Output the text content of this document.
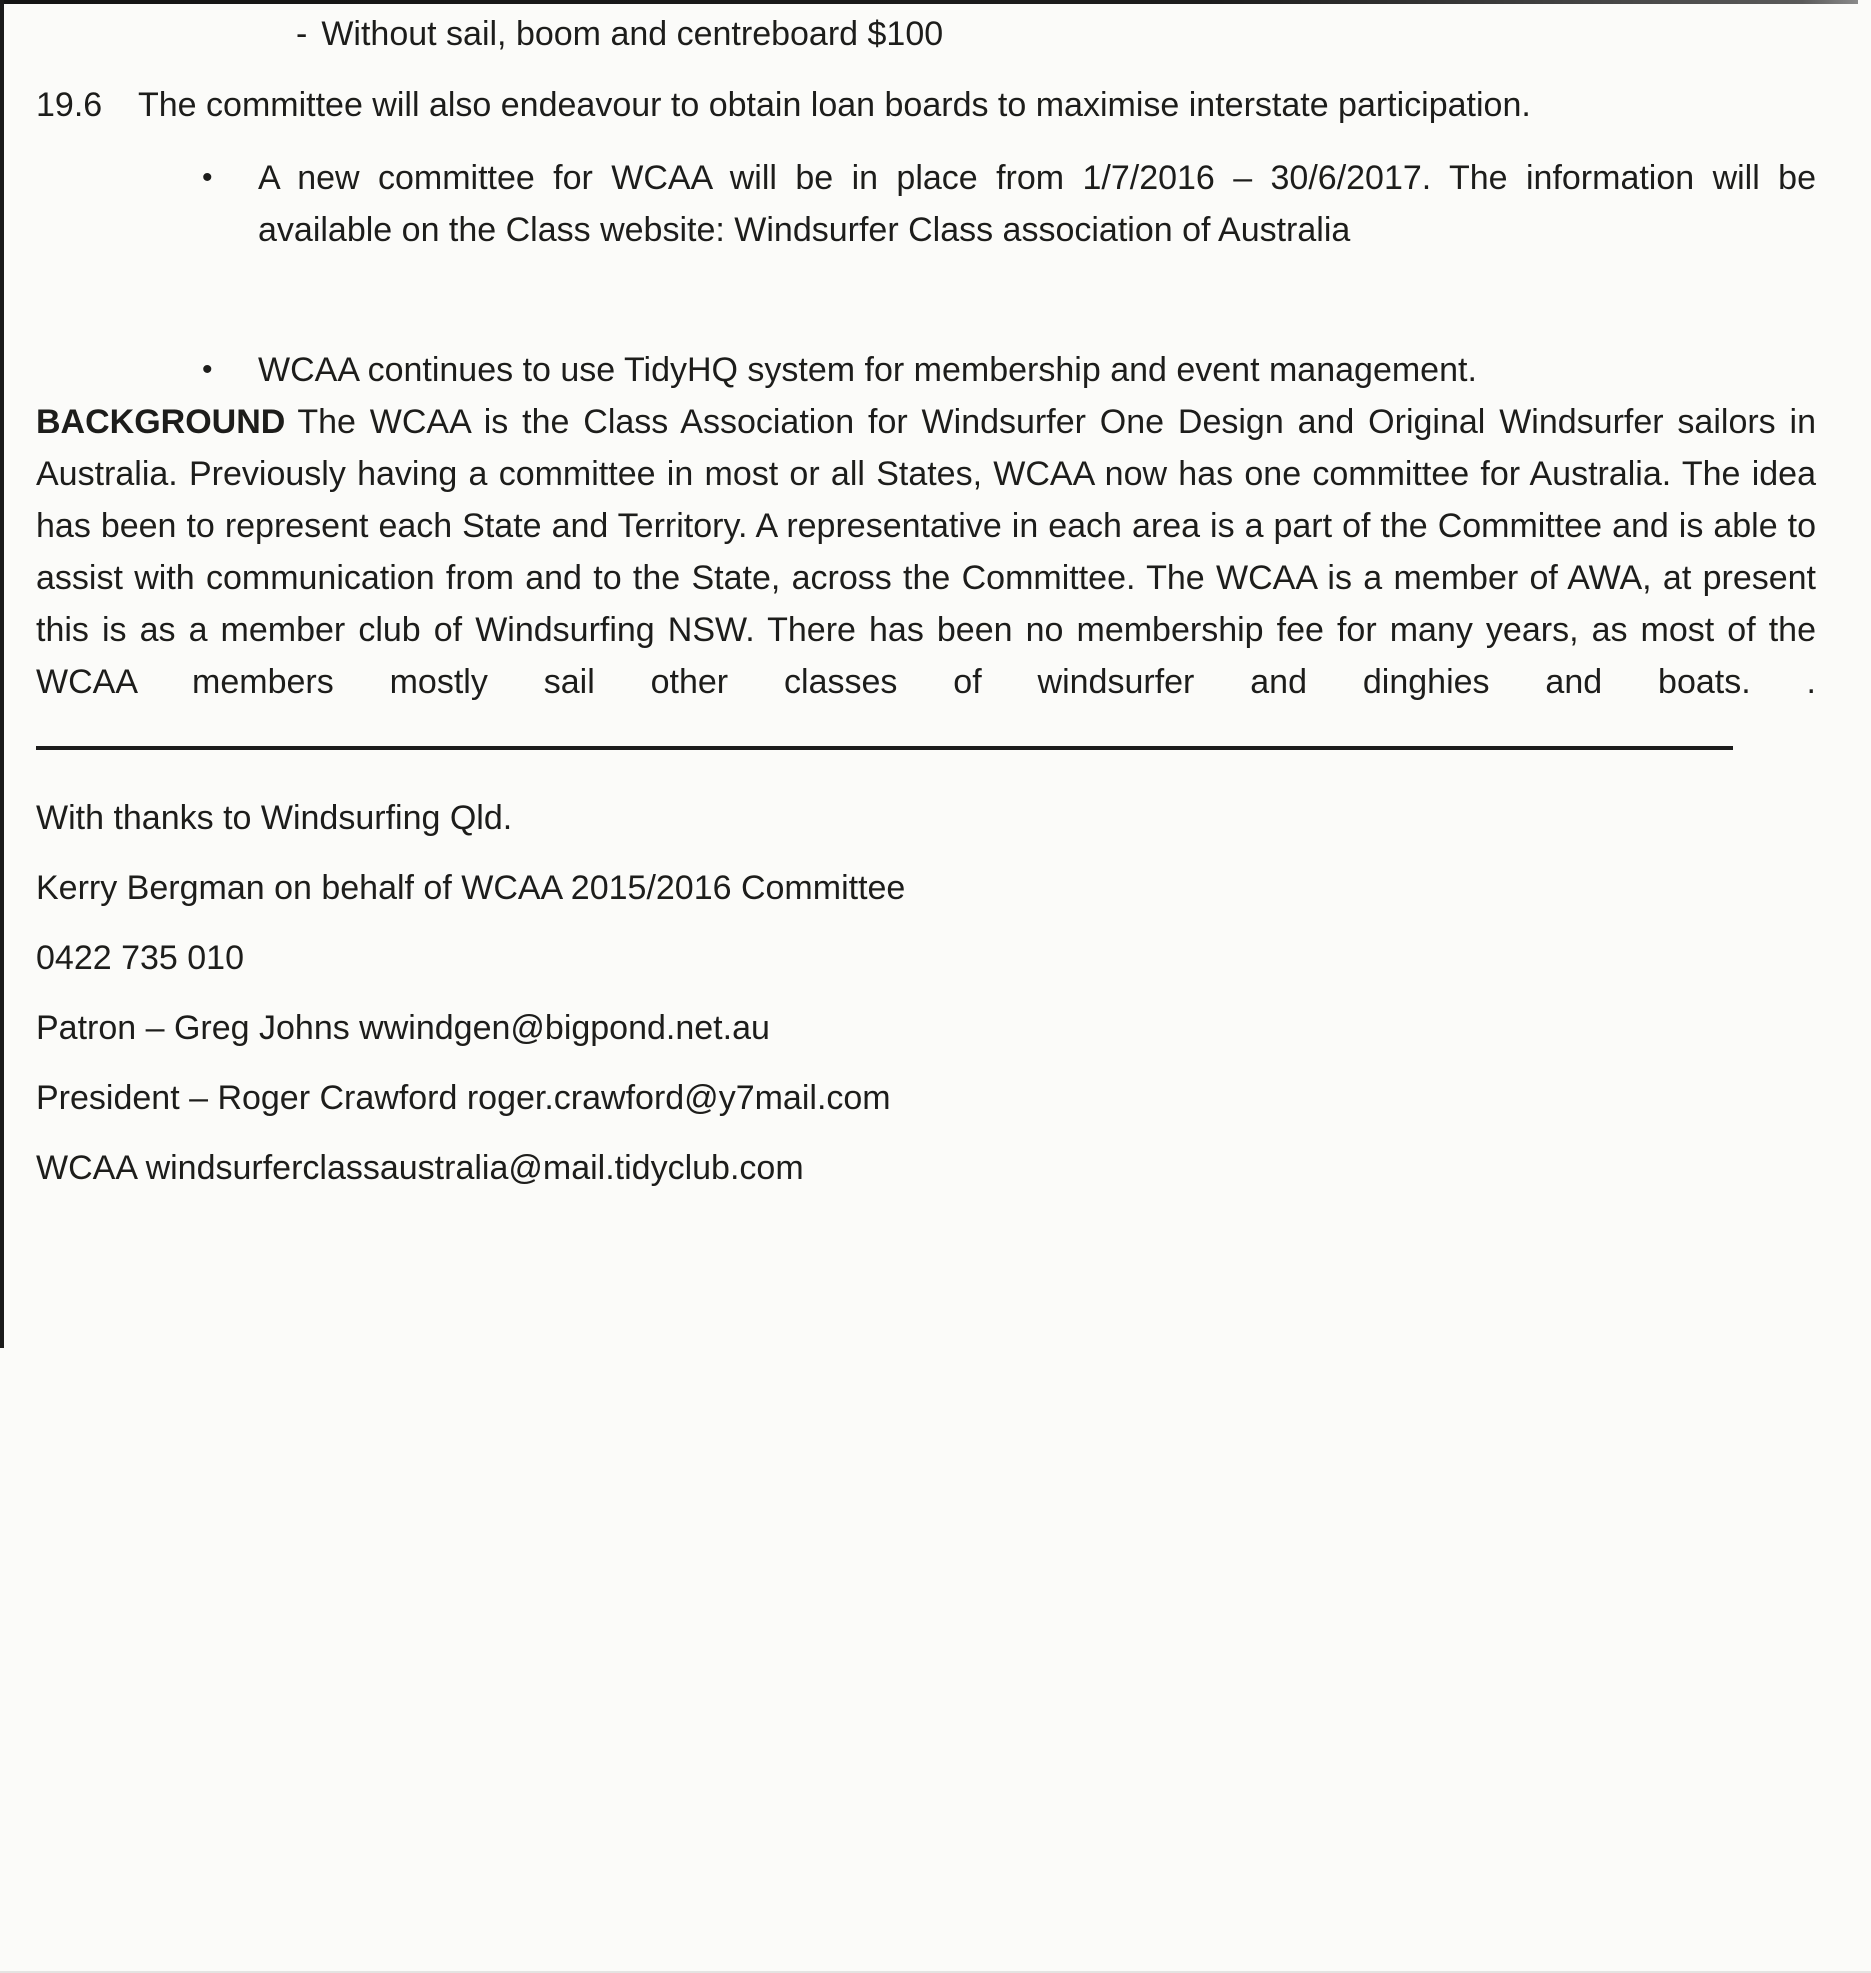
- Without sail, boom and centreboard $100

19.6	The committee will also endeavour to obtain loan boards to maximise interstate participation.
•	A new committee for WCAA will be in place from 1/7/2016 – 30/6/2017. The information will be available on the Class website: Windsurfer Class association of Australia
•	WCAA continues to use TidyHQ system for membership and event management.

BACKGROUND The WCAA is the Class Association for Windsurfer One Design and Original Windsurfer sailors in Australia. Previously having a committee in most or all States, WCAA now has one committee for Australia. The idea has been to represent each State and Territory. A representative in each area is a part of the Committee and is able to assist with communication from and to the State, across the Committee. The WCAA is a member of AWA, at present this is as a member club of Windsurfing NSW. There has been no membership fee for many years, as most of the WCAA members mostly sail other classes of windsurfer and dinghies and boats. .

With thanks to Windsurfing Qld.

Kerry Bergman on behalf of WCAA 2015/2016 Committee

0422 735 010

Patron – Greg Johns wwindgen@bigpond.net.au

President – Roger Crawford roger.crawford@y7mail.com

WCAA windsurferclassaustralia@mail.tidyclub.com
